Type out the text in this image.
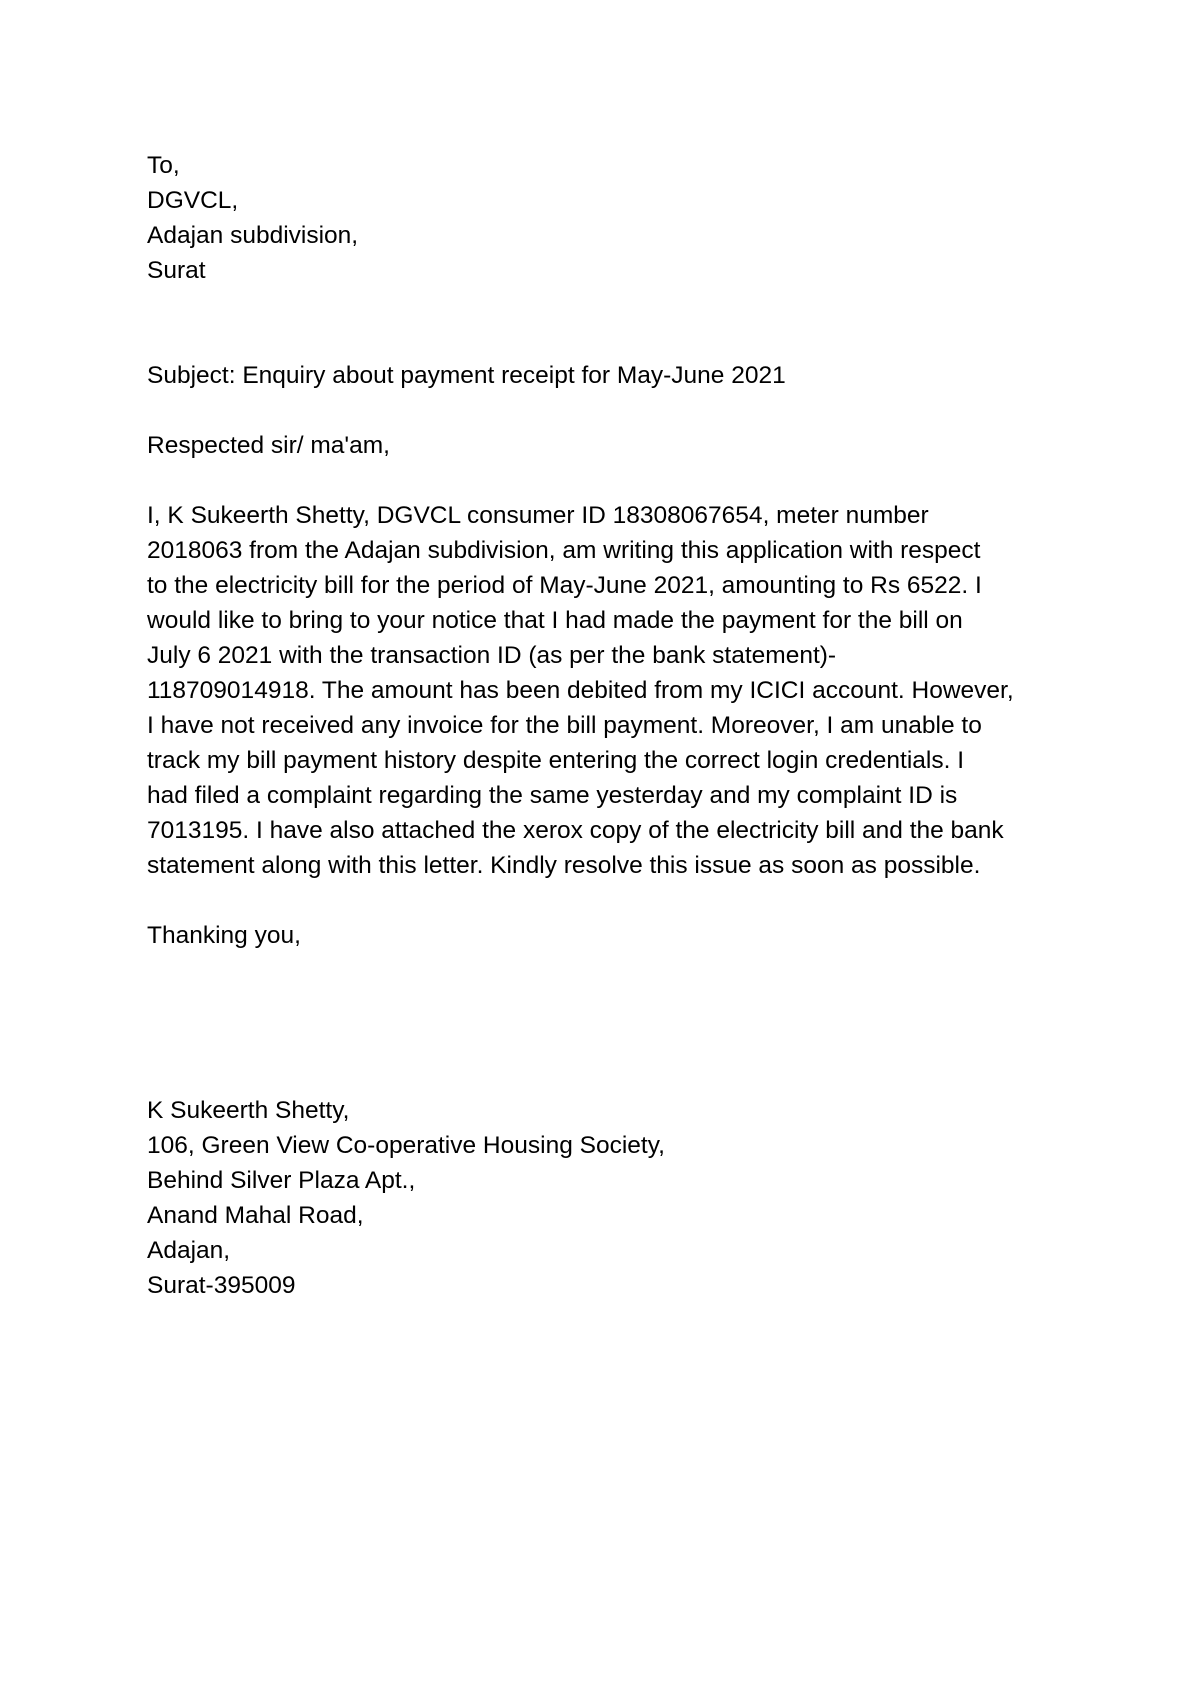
To,
DGVCL,
Adajan subdivision,
Surat
Subject: Enquiry about payment receipt for May-June 2021
Respected sir/ ma'am,
I, K Sukeerth Shetty, DGVCL consumer ID 18308067654, meter number
2018063 from the Adajan subdivision, am writing this application with respect
to the electricity bill for the period of May-June 2021, amounting to Rs 6522. I
would like to bring to your notice that I had made the payment for the bill on
July 6 2021 with the transaction ID (as per the bank statement)-
118709014918. The amount has been debited from my ICICI account. However,
I have not received any invoice for the bill payment. Moreover, I am unable to
track my bill payment history despite entering the correct login credentials. I
had filed a complaint regarding the same yesterday and my complaint ID is
7013195. I have also attached the xerox copy of the electricity bill and the bank
statement along with this letter. Kindly resolve this issue as soon as possible.
Thanking you,
K Sukeerth Shetty,
106, Green View Co-operative Housing Society,
Behind Silver Plaza Apt.,
Anand Mahal Road,
Adajan,
Surat-395009
